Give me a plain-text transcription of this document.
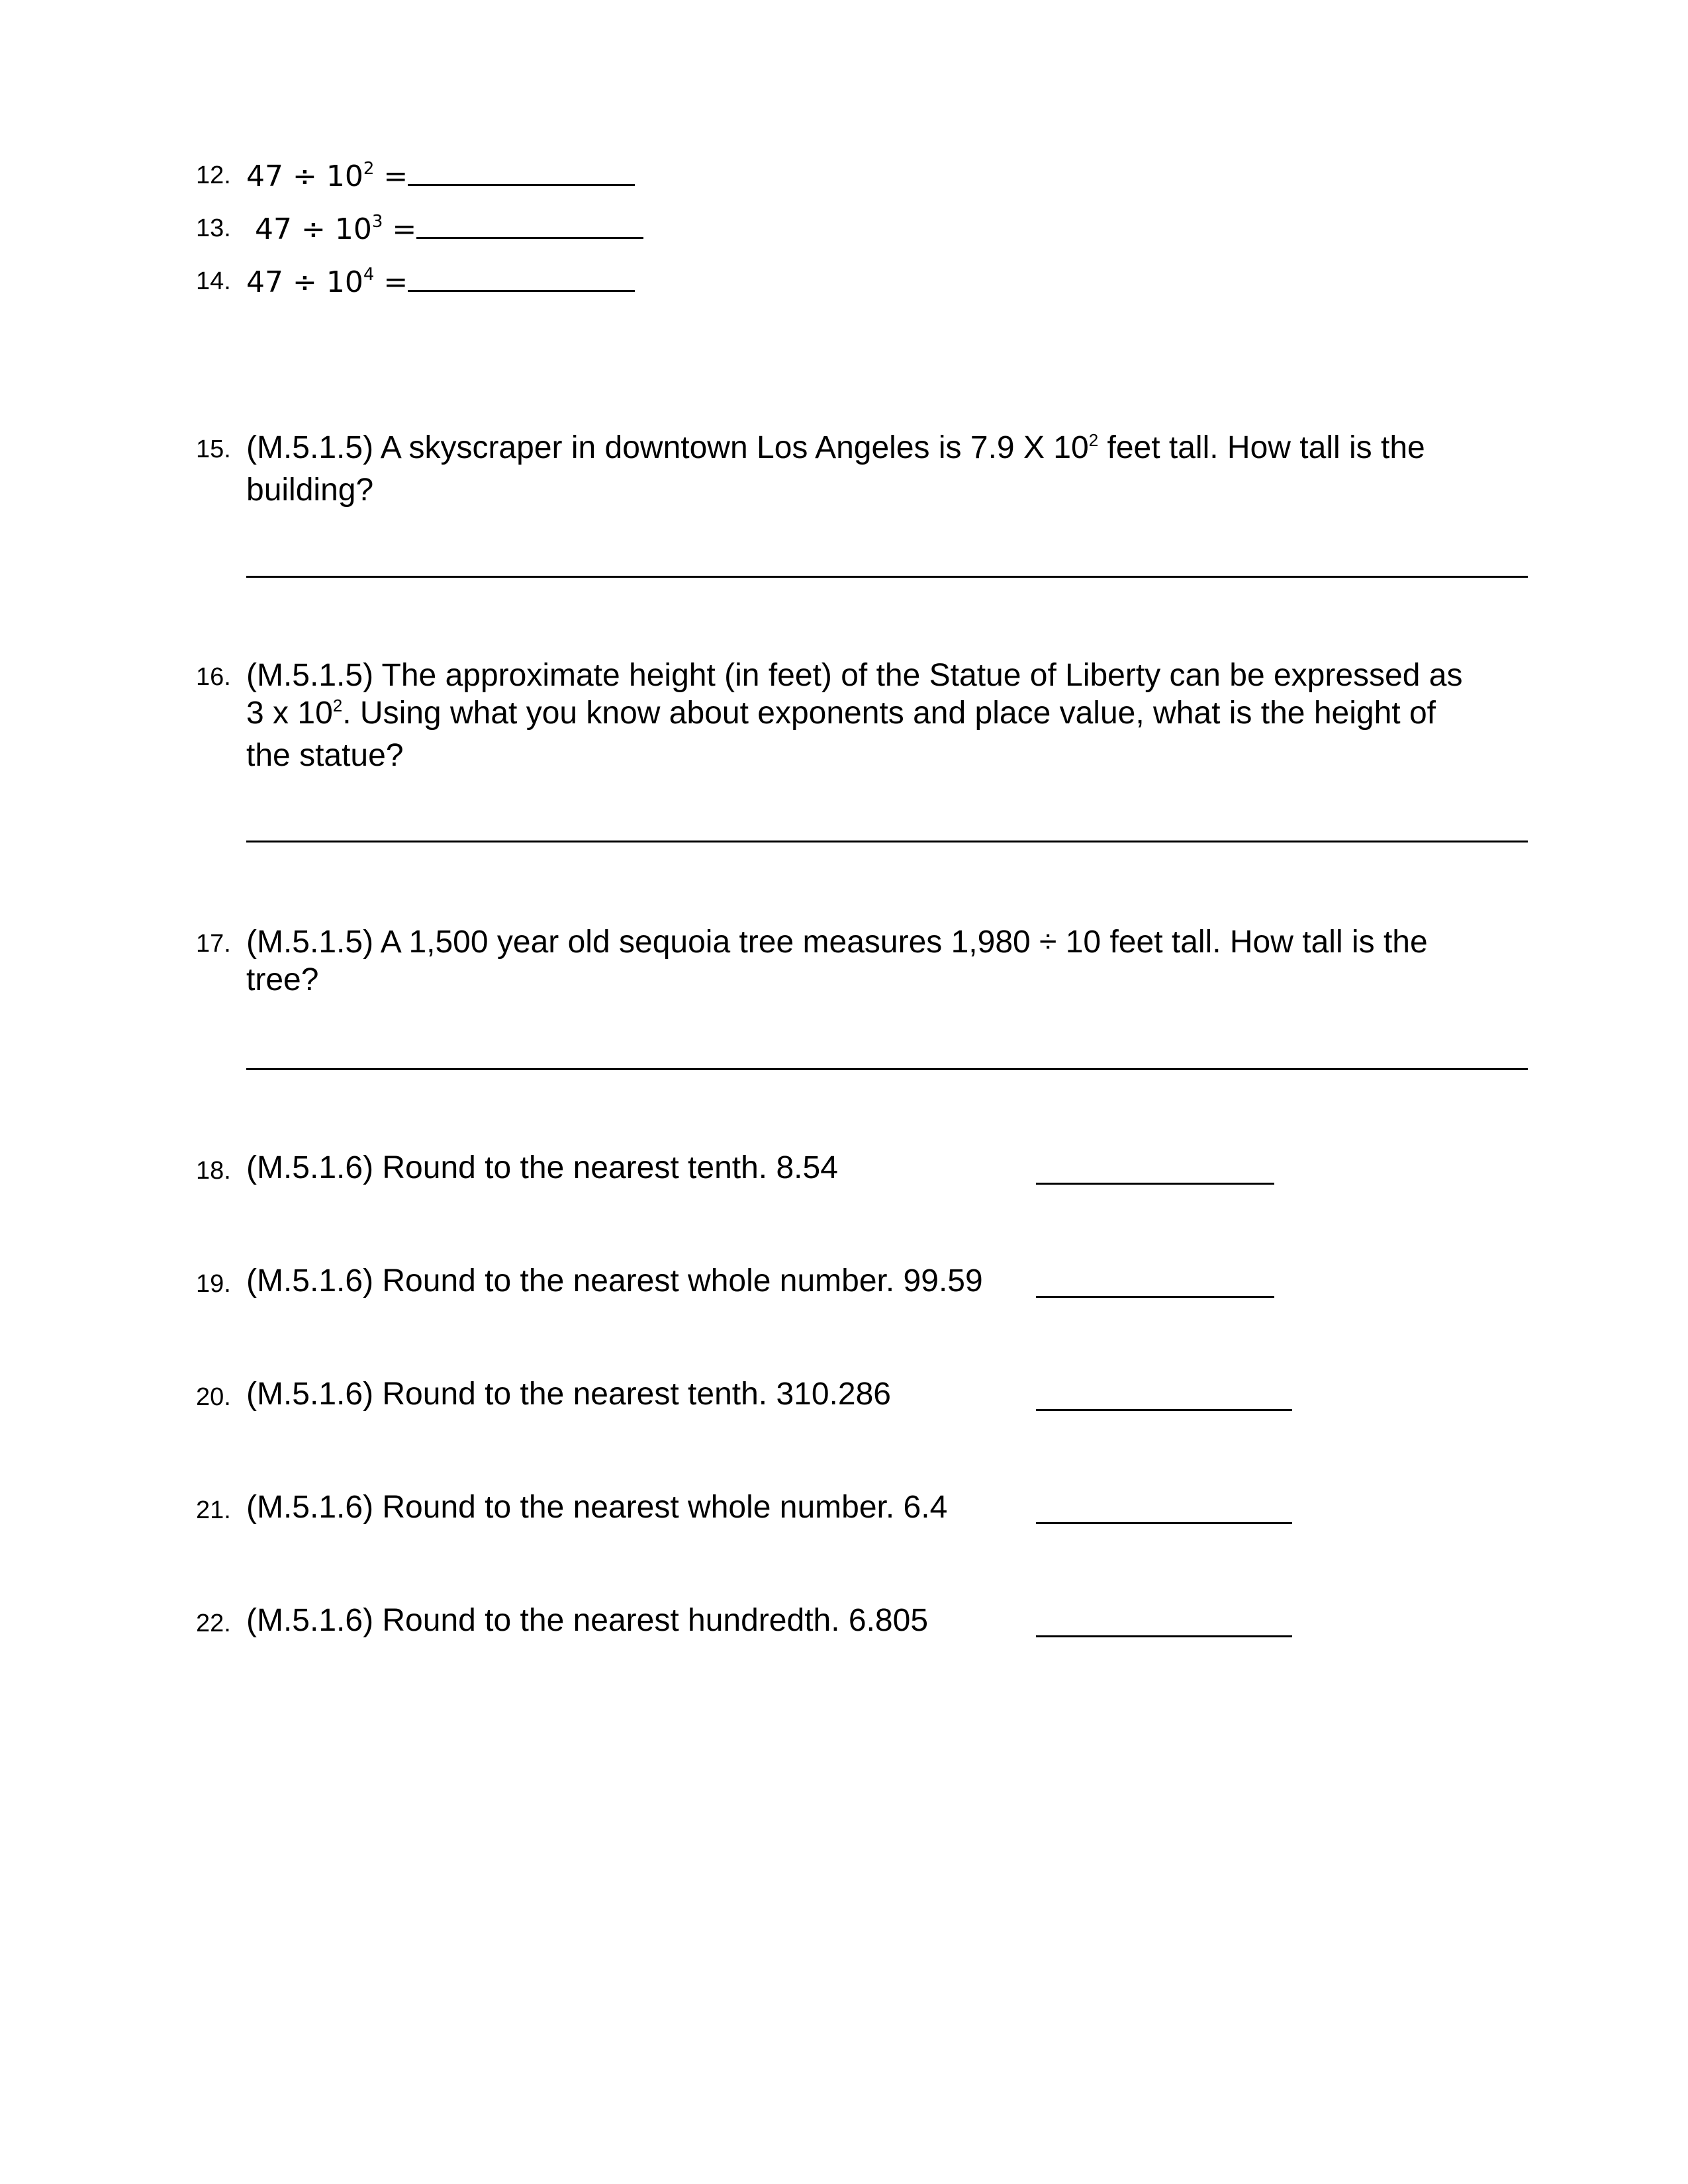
12. $47 \div 10^2$ =
13. $47 \div 10^3$ =
14. $47 \div 10^4$ =
15. (M.5.1.5) A skyscraper in downtown Los Angeles is 7.9 X $10^2$ feet tall. How tall is the
building?
16. (M.5.1.5) The approximate height (in feet) of the Statue of Liberty can be expressed as
3 x $10^2$. Using what you know about exponents and place value, what is the height of
the statue?
17. (M.5.1.5) A 1,500 year old sequoia tree measures 1,980 ÷ 10 feet tall. How tall is the
tree?
18. (M.5.1.6) Round to the nearest tenth. 8.54
19. (M.5.1.6) Round to the nearest whole number. 99.59
20. (M.5.1.6) Round to the nearest tenth. 310.286
21. (M.5.1.6) Round to the nearest whole number. 6.4
22. (M.5.1.6) Round to the nearest hundredth. 6.805
